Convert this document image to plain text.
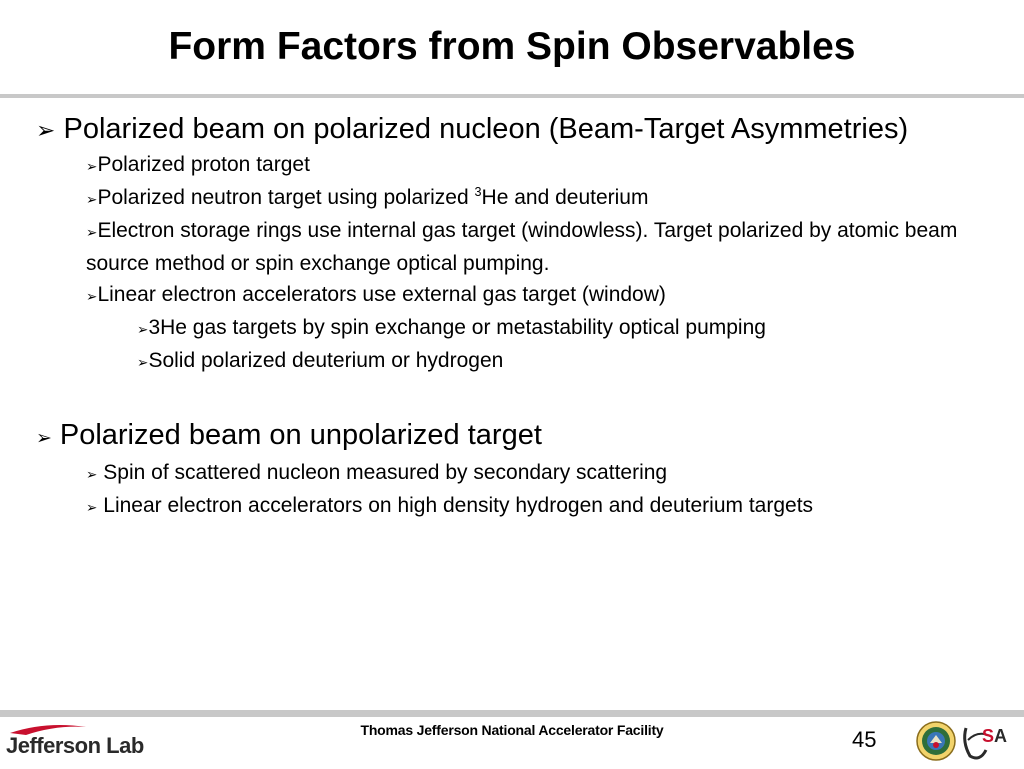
Form Factors from Spin Observables

➢ Polarized beam on polarized nucleon (Beam-Target Asymmetries)

➢Polarized proton target

➢Polarized neutron target using polarized $^3$He and deuterium

➢Electron storage rings use internal gas target (windowless). Target polarized by atomic beam source method or spin exchange optical pumping.

➢Linear electron accelerators use external gas target (window)

➢3He gas targets by spin exchange or metastability optical pumping

➢Solid polarized deuterium or hydrogen

➢ Polarized beam on unpolarized target

➢ Spin of scattered nucleon measured by secondary scattering

➢ Linear electron accelerators on high density hydrogen and deuterium targets

Jefferson Lab
Thomas Jefferson National Accelerator Facility	45	S A
